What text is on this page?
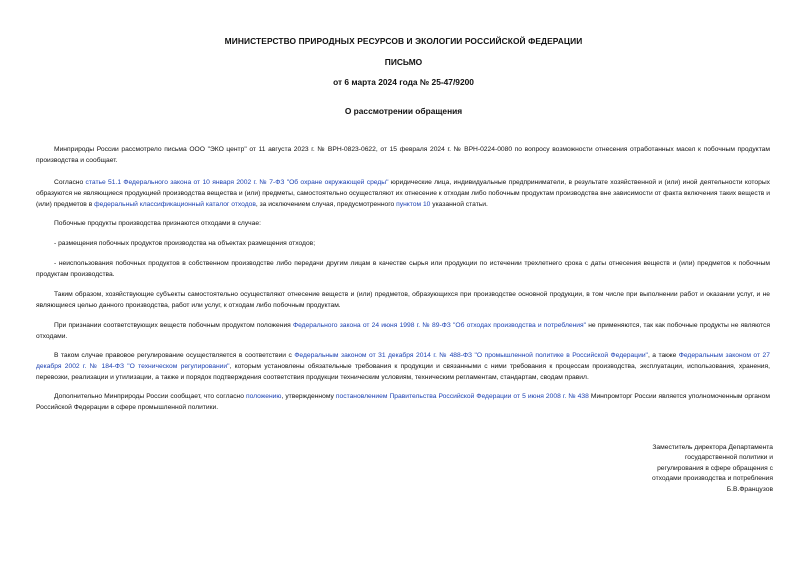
МИНИСТЕРСТВО ПРИРОДНЫХ РЕСУРСОВ И ЭКОЛОГИИ РОССИЙСКОЙ ФЕДЕРАЦИИ
ПИСЬМО
от 6 марта 2024 года № 25-47/9200
О рассмотрении обращения

Минприроды России рассмотрело письма ООО "ЭКО центр" от 11 августа 2023 г. № ВРН-0823-0622, от 15 февраля 2024 г. № ВРН-0224-0080 по вопросу возможности отнесения отработанных масел к побочным продуктам производства и сообщает.

Согласно статье 51.1 Федерального закона от 10 января 2002 г. № 7-ФЗ "Об охране окружающей среды" юридические лица, индивидуальные предприниматели, в результате хозяйственной и (или) иной деятельности которых образуются не являющиеся продукцией производства вещества и (или) предметы, самостоятельно осуществляют их отнесение к отходам либо побочным продуктам производства вне зависимости от факта включения таких веществ и (или) предметов в федеральный классификационный каталог отходов, за исключением случая, предусмотренного пунктом 10 указанной статьи.

Побочные продукты производства признаются отходами в случае:

- размещения побочных продуктов производства на объектах размещения отходов;

- неиспользования побочных продуктов в собственном производстве либо передачи другим лицам в качестве сырья или продукции по истечении трехлетнего срока с даты отнесения веществ и (или) предметов к побочным продуктам производства.

Таким образом, хозяйствующие субъекты самостоятельно осуществляют отнесение веществ и (или) предметов, образующихся при производстве основной продукции, в том числе при выполнении работ и оказании услуг, и не являющиеся целью данного производства, работ или услуг, к отходам либо побочным продуктам.

При признании соответствующих веществ побочным продуктом положения Федерального закона от 24 июня 1998 г. № 89-ФЗ "Об отходах производства и потребления" не применяются, так как побочные продукты не являются отходами.

В таком случае правовое регулирование осуществляется в соответствии с Федеральным законом от 31 декабря 2014 г. № 488-ФЗ "О промышленной политике в Российской Федерации", а также Федеральным законом от 27 декабря 2002 г. № 184-ФЗ "О техническом регулировании", которым установлены обязательные требования к продукции и связанными с ними требования к процессам производства, эксплуатации, использования, хранения, перевозки, реализации и утилизации, а также и порядок подтверждения соответствия продукции техническим условиям, техническим регламентам, стандартам, сводам правил.

Дополнительно Минприроды России сообщает, что согласно положению, утвержденному постановлением Правительства Российской Федерации от 5 июня 2008 г. № 438 Минпромторг России является уполномоченным органом Российской Федерации в сфере промышленной политики.

Заместитель директора Департамента
государственной политики и
регулирования в сфере обращения с
отходами производства и потребления
Б.В.Французов
